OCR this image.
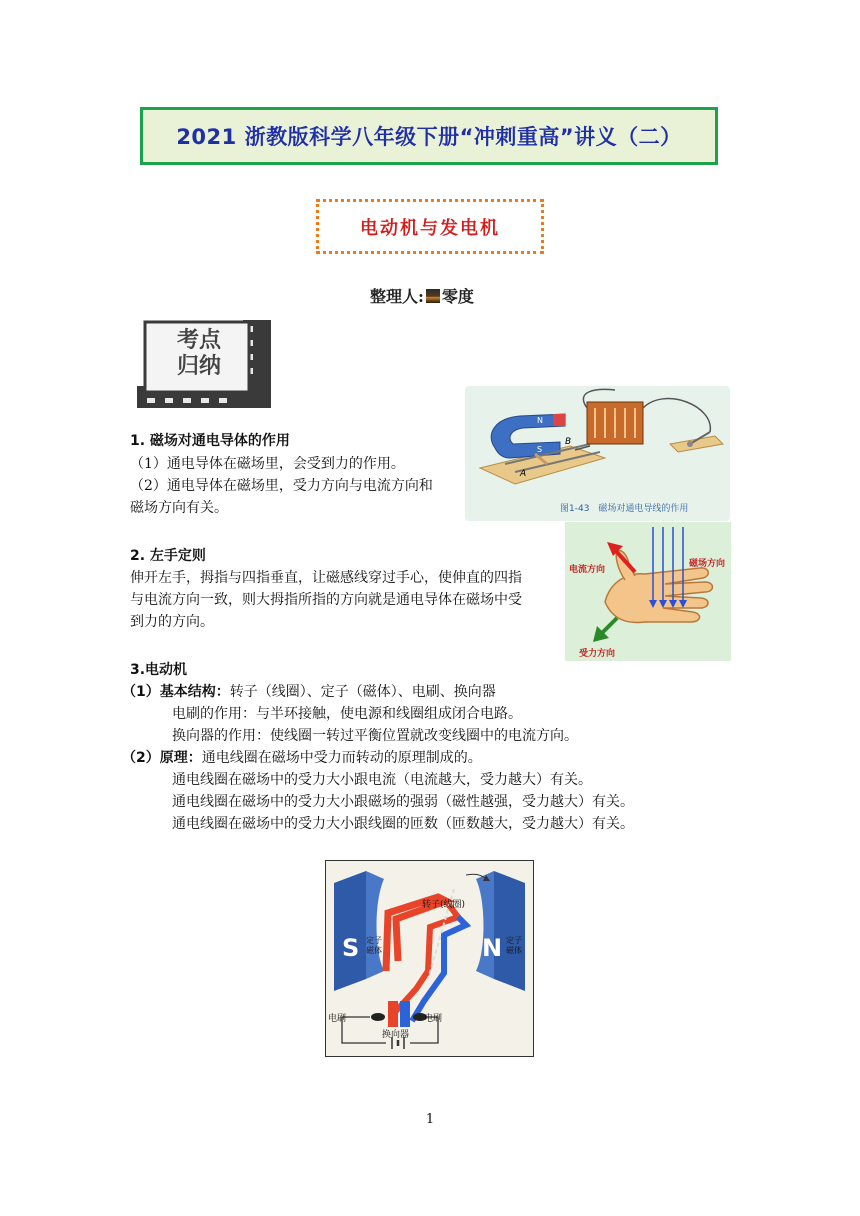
2021 浙教版科学八年级下册“冲刺重高”讲义（二）
电动机与发电机
整理人: 零度
考点
归纳
1. 磁场对通电导体的作用
（1）通电导体在磁场里，会受到力的作用。
（2）通电导体在磁场里，受力方向与电流方向和
磁场方向有关。
A
B
N
S
图1-43　磁场对通电导线的作用
2. 左手定则
伸开左手，拇指与四指垂直，让磁感线穿过手心，使伸直的四指
与电流方向一致，则大拇指所指的方向就是通电导体在磁场中受
到力的方向。
电流方向
磁场方向
受力方向
3.电动机
（1）基本结构：转子（线圈）、定子（磁体）、电刷、换向器
电刷的作用：与半环接触，使电源和线圈组成闭合电路。
换向器的作用：使线圈一转过平衡位置就改变线圈中的电流方向。
（2）原理：通电线圈在磁场中受力而转动的原理制成的。
通电线圈在磁场中的受力大小跟电流（电流越大，受力越大）有关。
通电线圈在磁场中的受力大小跟磁场的强弱（磁性越强，受力越大）有关。
通电线圈在磁场中的受力大小跟线圈的匝数（匝数越大，受力越大）有关。
S	N
转子(线圈)
定子
磁体
定子
磁体
电刷	电刷
换向器
1
